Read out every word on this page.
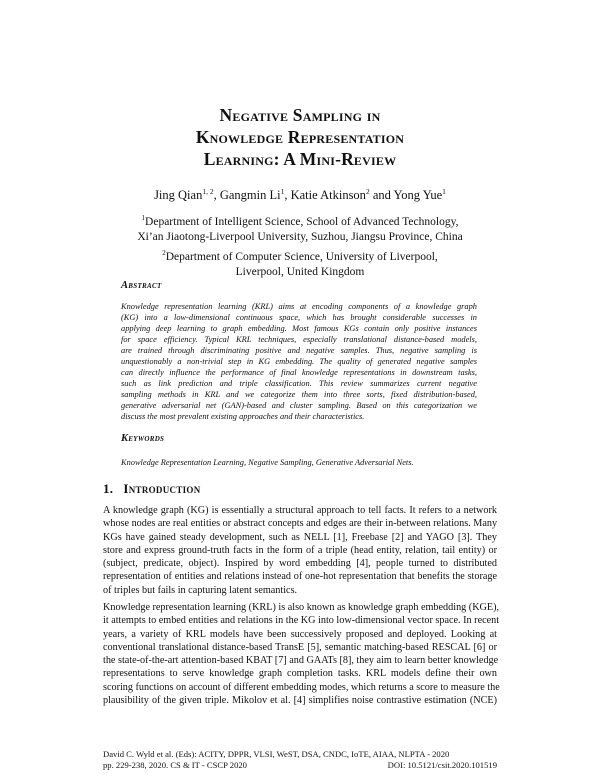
Negative Sampling in
Knowledge Representation
Learning: A Mini-Review
Jing Qian$^{1, 2}$, Gangmin Li$^1$, Katie Atkinson$^2$ and Yong Yue$^1$
$^1$Department of Intelligent Science, School of Advanced Technology,
Xi’an Jiaotong-Liverpool University, Suzhou, Jiangsu Province, China
$^2$Department of Computer Science, University of Liverpool,
Liverpool, United Kingdom
Abstract
Knowledge representation learning (KRL) aims at encoding components of a knowledge graph
(KG) into a low-dimensional continuous space, which has brought considerable successes in
applying deep learning to graph embedding. Most famous KGs contain only positive instances
for space efficiency. Typical KRL techniques, especially translational distance-based models,
are trained through discriminating positive and negative samples. Thus, negative sampling is
unquestionably a non-trivial step in KG embedding. The quality of generated negative samples
can directly influence the performance of final knowledge representations in downstream tasks,
such as link prediction and triple classification. This review summarizes current negative
sampling methods in KRL and we categorize them into three sorts, fixed distribution-based,
generative adversarial net (GAN)-based and cluster sampling. Based on this categorization we
discuss the most prevalent existing approaches and their characteristics.
Keywords
Knowledge Representation Learning, Negative Sampling, Generative Adversarial Nets.
1. Introduction
A knowledge graph (KG) is essentially a structural approach to tell facts. It refers to a network
whose nodes are real entities or abstract concepts and edges are their in-between relations. Many
KGs have gained steady development, such as NELL [1], Freebase [2] and YAGO [3]. They
store and express ground-truth facts in the form of a triple (head entity, relation, tail entity) or
(subject, predicate, object). Inspired by word embedding [4], people turned to distributed
representation of entities and relations instead of one-hot representation that benefits the storage
of triples but fails in capturing latent semantics.
Knowledge representation learning (KRL) is also known as knowledge graph embedding (KGE),
it attempts to embed entities and relations in the KG into low-dimensional vector space. In recent
years, a variety of KRL models have been successively proposed and deployed. Looking at
conventional translational distance-based TransE [5], semantic matching-based RESCAL [6] or
the state-of-the-art attention-based KBAT [7] and GAATs [8], they aim to learn better knowledge
representations to serve knowledge graph completion tasks. KRL models define their own
scoring functions on account of different embedding modes, which returns a score to measure the
plausibility of the given triple. Mikolov et al. [4] simplifies noise contrastive estimation (NCE)
David C. Wyld et al. (Eds): ACITY, DPPR, VLSI, WeST, DSA, CNDC, IoTE, AIAA, NLPTA - 2020
pp. 229-238, 2020. CS & IT - CSCP 2020	DOI: 10.5121/csit.2020.101519
